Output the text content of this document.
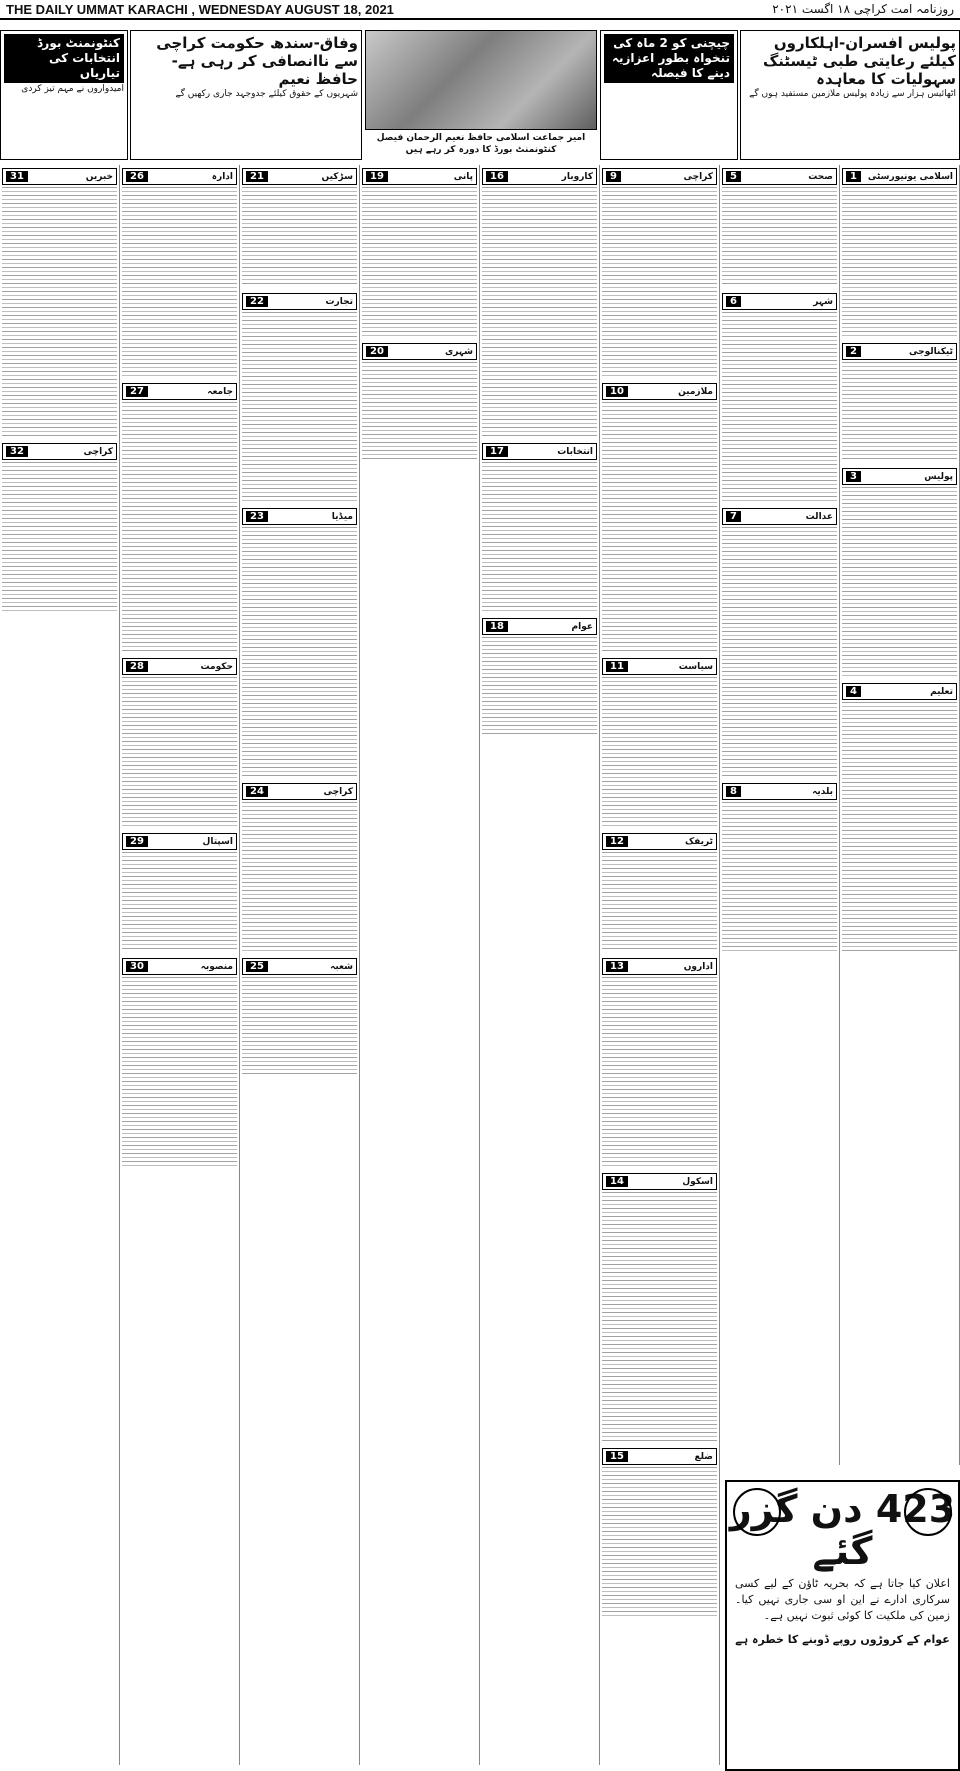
THE DAILY UMMAT KARACHI , WEDNESDAY AUGUST 18, 2021	روزنامہ امت کراچی ۱۸ اگست ۲۰۲۱
پولیس افسران-اہلکاروں کیلئے رعایتی طبی ٹیسٹنگ سہولیات کا معاہدہ
اٹھائیس ہزار سے زیادہ پولیس ملازمین مستفید ہوں گے
چیچنی کو 2 ماہ کی تنخواہ بطور اعزازیہ دینے کا فیصلہ
امیر جماعت اسلامی حافظ نعیم الرحمان فیصل کنٹونمنٹ بورڈ کا دورہ کر رہے ہیں
وفاق-سندھ حکومت کراچی سے ناانصافی کر رہی ہے-حافظ نعیم
شہریوں کے حقوق کیلئے جدوجہد جاری رکھیں گے
کنٹونمنٹ بورڈ انتخابات کی تیاریاں
امیدواروں نے مہم تیز کردی
اسلامی یونیورسٹی
1
ٹیکنالوجی
2
پولیس
3
تعلیم
4
صحت
5
شہر
6
عدالت
7
بلدیہ
8
کراچی
9
ملازمین
10
سیاست
11
ٹریفک
12
اداروں
13
اسکول
14
ضلع
15
کاروبار
16
انتخابات
17
عوام
18
پانی
19
شہری
20
سڑکیں
21
تجارت
22
میڈیا
23
کراچی
24
شعبہ
25
ادارہ
26
جامعہ
27
حکومت
28
اسپتال
29
منصوبہ
30
خبریں
31
کراچی
32
423 دن گزر گئے
اعلان کیا جاتا ہے کہ بحریہ ٹاؤن کے لیے کسی سرکاری ادارے نے این او سی جاری نہیں کیا۔ زمین کی ملکیت کا کوئی ثبوت نہیں ہے۔
عوام کے کروڑوں روپے ڈوبنے کا خطرہ ہے
